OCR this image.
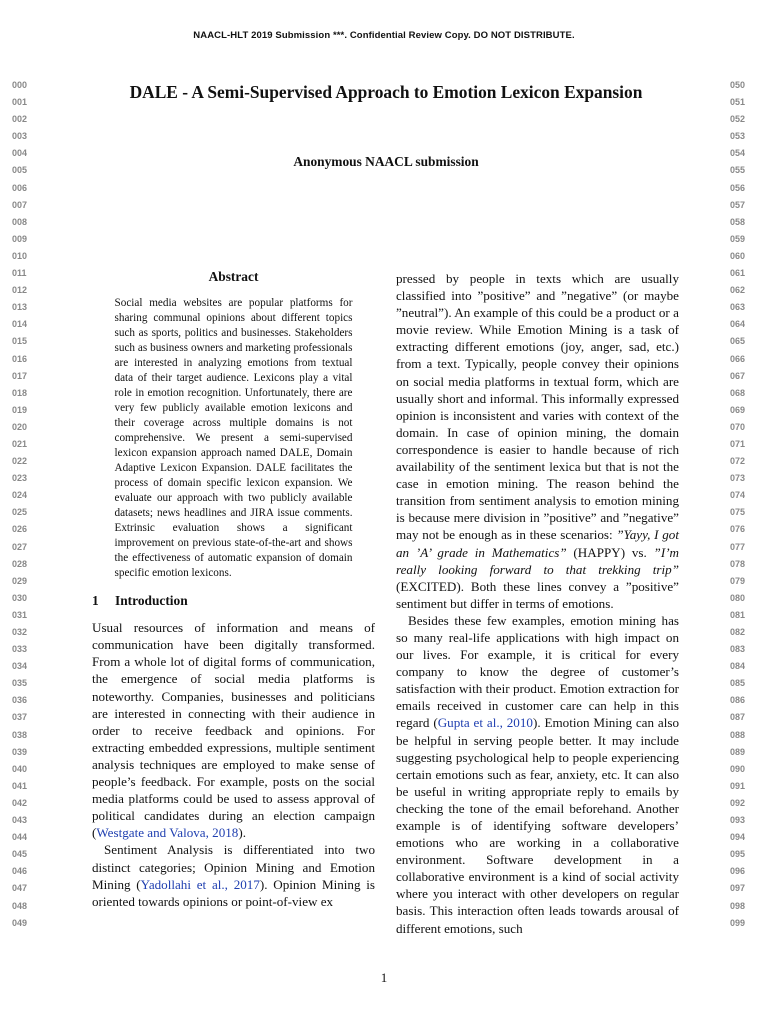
NAACL-HLT 2019 Submission ***. Confidential Review Copy. DO NOT DISTRIBUTE.
000
001
002
003
004
005
006
007
008
009
010
011
012
013
014
015
016
017
018
019
020
021
022
023
024
025
026
027
028
029
030
031
032
033
034
035
036
037
038
039
040
041
042
043
044
045
046
047
048
049
050
051
052
053
054
055
056
057
058
059
060
061
062
063
064
065
066
067
068
069
070
071
072
073
074
075
076
077
078
079
080
081
082
083
084
085
086
087
088
089
090
091
092
093
094
095
096
097
098
099
DALE - A Semi-Supervised Approach to Emotion Lexicon Expansion
Anonymous NAACL submission
Abstract
Social media websites are popular platforms for sharing communal opinions about different topics such as sports, politics and businesses. Stakeholders such as business owners and marketing professionals are interested in analyzing emotions from textual data of their target audience. Lexicons play a vital role in emotion recognition. Unfortunately, there are very few publicly available emotion lexicons and their coverage across multiple domains is not comprehensive. We present a semi-supervised lexicon expansion approach named DALE, Domain Adaptive Lexicon Expansion. DALE facilitates the process of domain specific lexicon expansion. We evaluate our approach with two publicly available datasets; news headlines and JIRA issue comments. Extrinsic evaluation shows a significant improvement on previous state-of-the-art and shows the effectiveness of automatic expansion of domain specific emotion lexicons.
1 Introduction

Usual resources of information and means of communication have been digitally transformed. From a whole lot of digital forms of communication, the emergence of social media platforms is noteworthy. Companies, businesses and politicians are interested in connecting with their audience in order to receive feedback and opinions. For extracting embedded expressions, multiple sentiment analysis techniques are employed to make sense of people’s feedback. For example, posts on the social media platforms could be used to assess approval of political candidates during an election campaign (Westgate and Valova, 2018).

Sentiment Analysis is differentiated into two distinct categories; Opinion Mining and Emotion Mining (Yadollahi et al., 2017). Opinion Mining is oriented towards opinions or point-of-view ex

pressed by people in texts which are usually classified into ”positive” and ”negative” (or maybe ”neutral”). An example of this could be a product or a movie review. While Emotion Mining is a task of extracting different emotions (joy, anger, sad, etc.) from a text. Typically, people convey their opinions on social media platforms in textual form, which are usually short and informal. This informally expressed opinion is inconsistent and varies with context of the domain. In case of opinion mining, the domain correspondence is easier to handle because of rich availability of the sentiment lexica but that is not the case in emotion mining. The reason behind the transition from sentiment analysis to emotion mining is because mere division in ”positive” and ”negative” may not be enough as in these scenarios: ”Yayy, I got an ’A’ grade in Mathematics” (HAPPY) vs. ”I’m really looking forward to that trekking trip” (EXCITED). Both these lines convey a ”positive” sentiment but differ in terms of emotions.

Besides these few examples, emotion mining has so many real-life applications with high impact on our lives. For example, it is critical for every company to know the degree of customer’s satisfaction with their product. Emotion extraction for emails received in customer care can help in this regard (Gupta et al., 2010). Emotion Mining can also be helpful in serving people better. It may include suggesting psychological help to people experiencing certain emotions such as fear, anxiety, etc. It can also be useful in writing appropriate reply to emails by checking the tone of the email beforehand. Another example is of identifying software developers’ emotions who are working in a collaborative environment. Software development in a collaborative environment is a kind of social activity where you interact with other developers on regular basis. This interaction often leads towards arousal of different emotions, such

1
